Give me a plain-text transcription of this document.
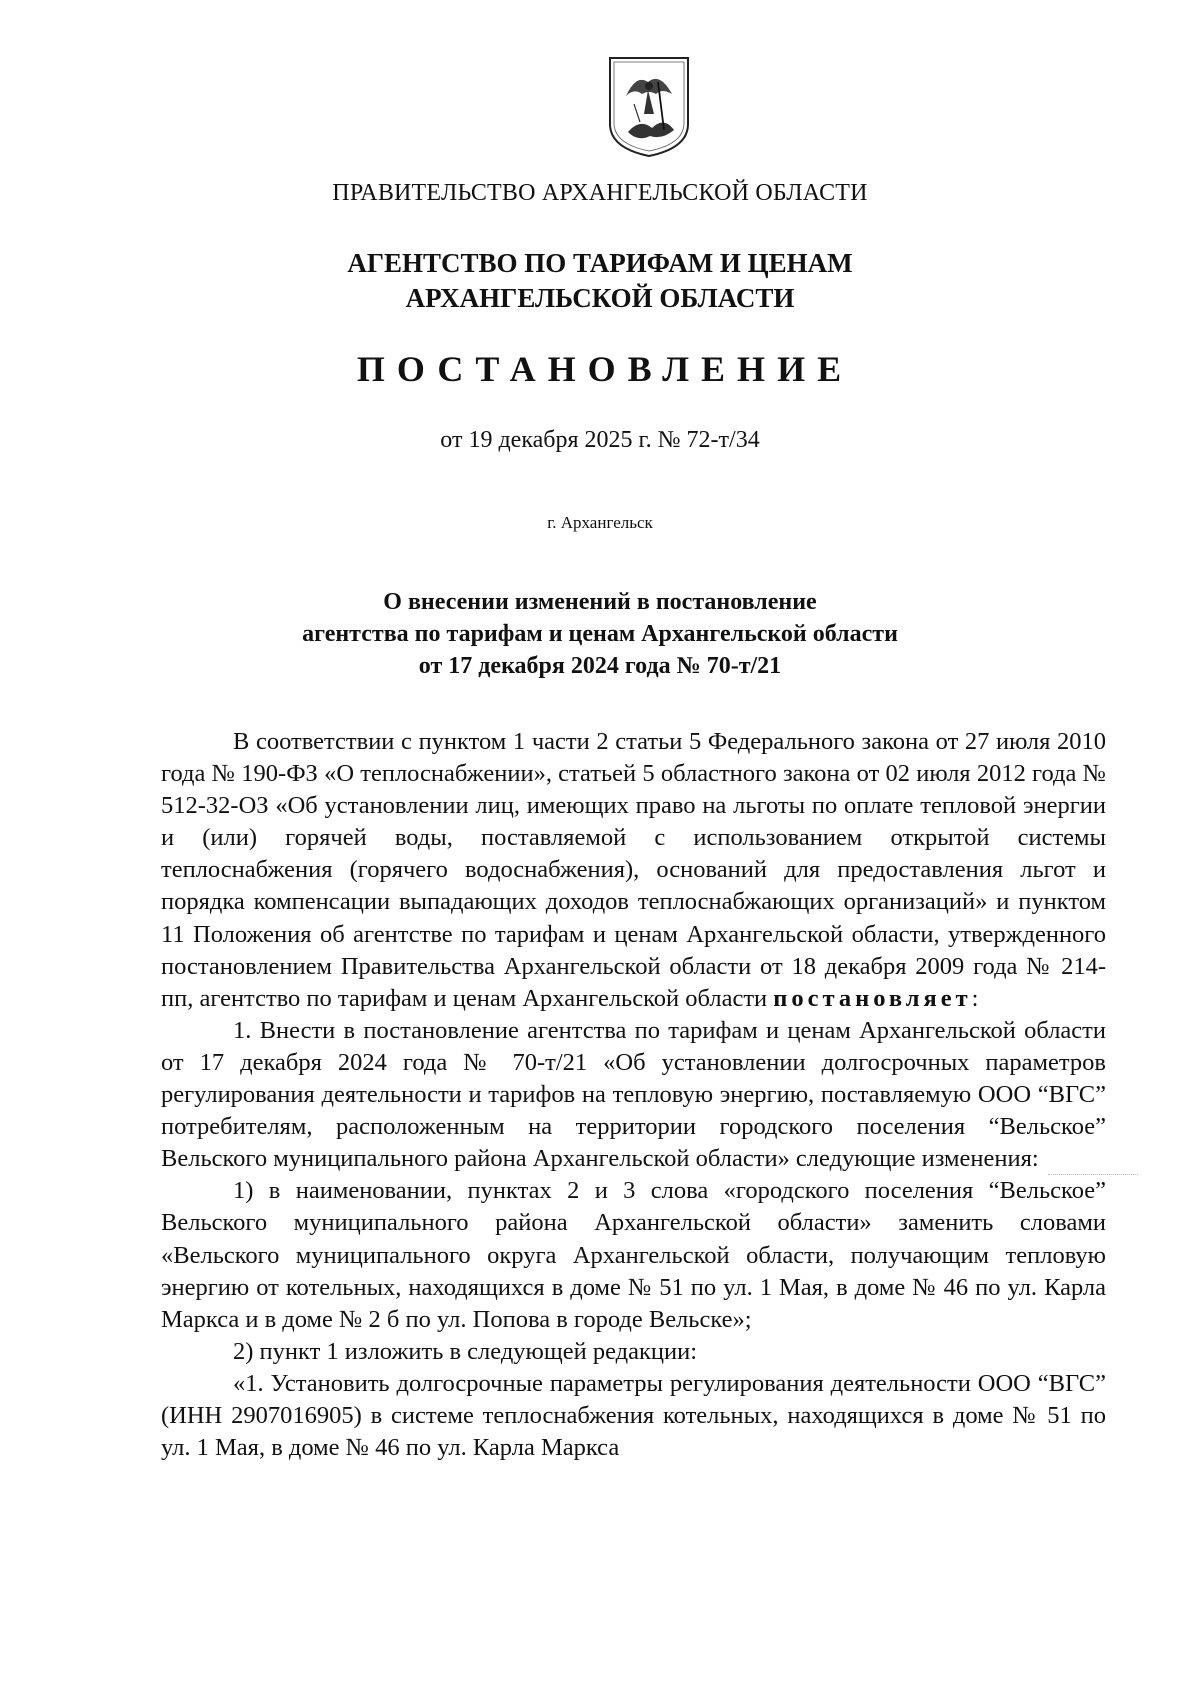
ПРАВИТЕЛЬСТВО АРХАНГЕЛЬСКОЙ ОБЛАСТИ
АГЕНТСТВО ПО ТАРИФАМ И ЦЕНАМ
АРХАНГЕЛЬСКОЙ ОБЛАСТИ
ПОСТАНОВЛЕНИЕ
от 19 декабря 2025 г. № 72-т/34
г. Архангельск
О внесении изменений в постановление
агентства по тарифам и ценам Архангельской области
от 17 декабря 2024 года № 70-т/21

В соответствии с пунктом 1 части 2 статьи 5 Федерального закона от 27 июля 2010 года № 190-ФЗ «О теплоснабжении», статьей 5 областного закона от 02 июля 2012 года № 512-32-ОЗ «Об установлении лиц, имеющих право на льготы по оплате тепловой энергии и (или) горячей воды, поставляемой с использованием открытой системы теплоснабжения (горячего водоснабжения), оснований для предоставления льгот и порядка компенсации выпадающих доходов теплоснабжающих организаций» и пунктом 11 Положения об агентстве по тарифам и ценам Архангельской области, утвержденного постановлением Правительства Архангельской области от 18 декабря 2009 года № 214-пп, агентство по тарифам и ценам Архангельской области постановляет:

1. Внести в постановление агентства по тарифам и ценам Архангельской области от 17 декабря 2024 года № 70-т/21 «Об установлении долгосрочных параметров регулирования деятельности и тарифов на тепловую энергию, поставляемую ООО “ВГС” потребителям, расположенным на территории городского поселения “Вельское” Вельского муниципального района Архангельской области» следующие изменения:

1) в наименовании, пунктах 2 и 3 слова «городского поселения “Вельское” Вельского муниципального района Архангельской области» заменить словами «Вельского муниципального округа Архангельской области, получающим тепловую энергию от котельных, находящихся в доме № 51 по ул. 1 Мая, в доме № 46 по ул. Карла Маркса и в доме № 2 б по ул. Попова в городе Вельске»;

2) пункт 1 изложить в следующей редакции:

«1. Установить долгосрочные параметры регулирования деятельности ООО “ВГС” (ИНН 2907016905) в системе теплоснабжения котельных, находящихся в доме № 51 по ул. 1 Мая, в доме № 46 по ул. Карла Маркса
